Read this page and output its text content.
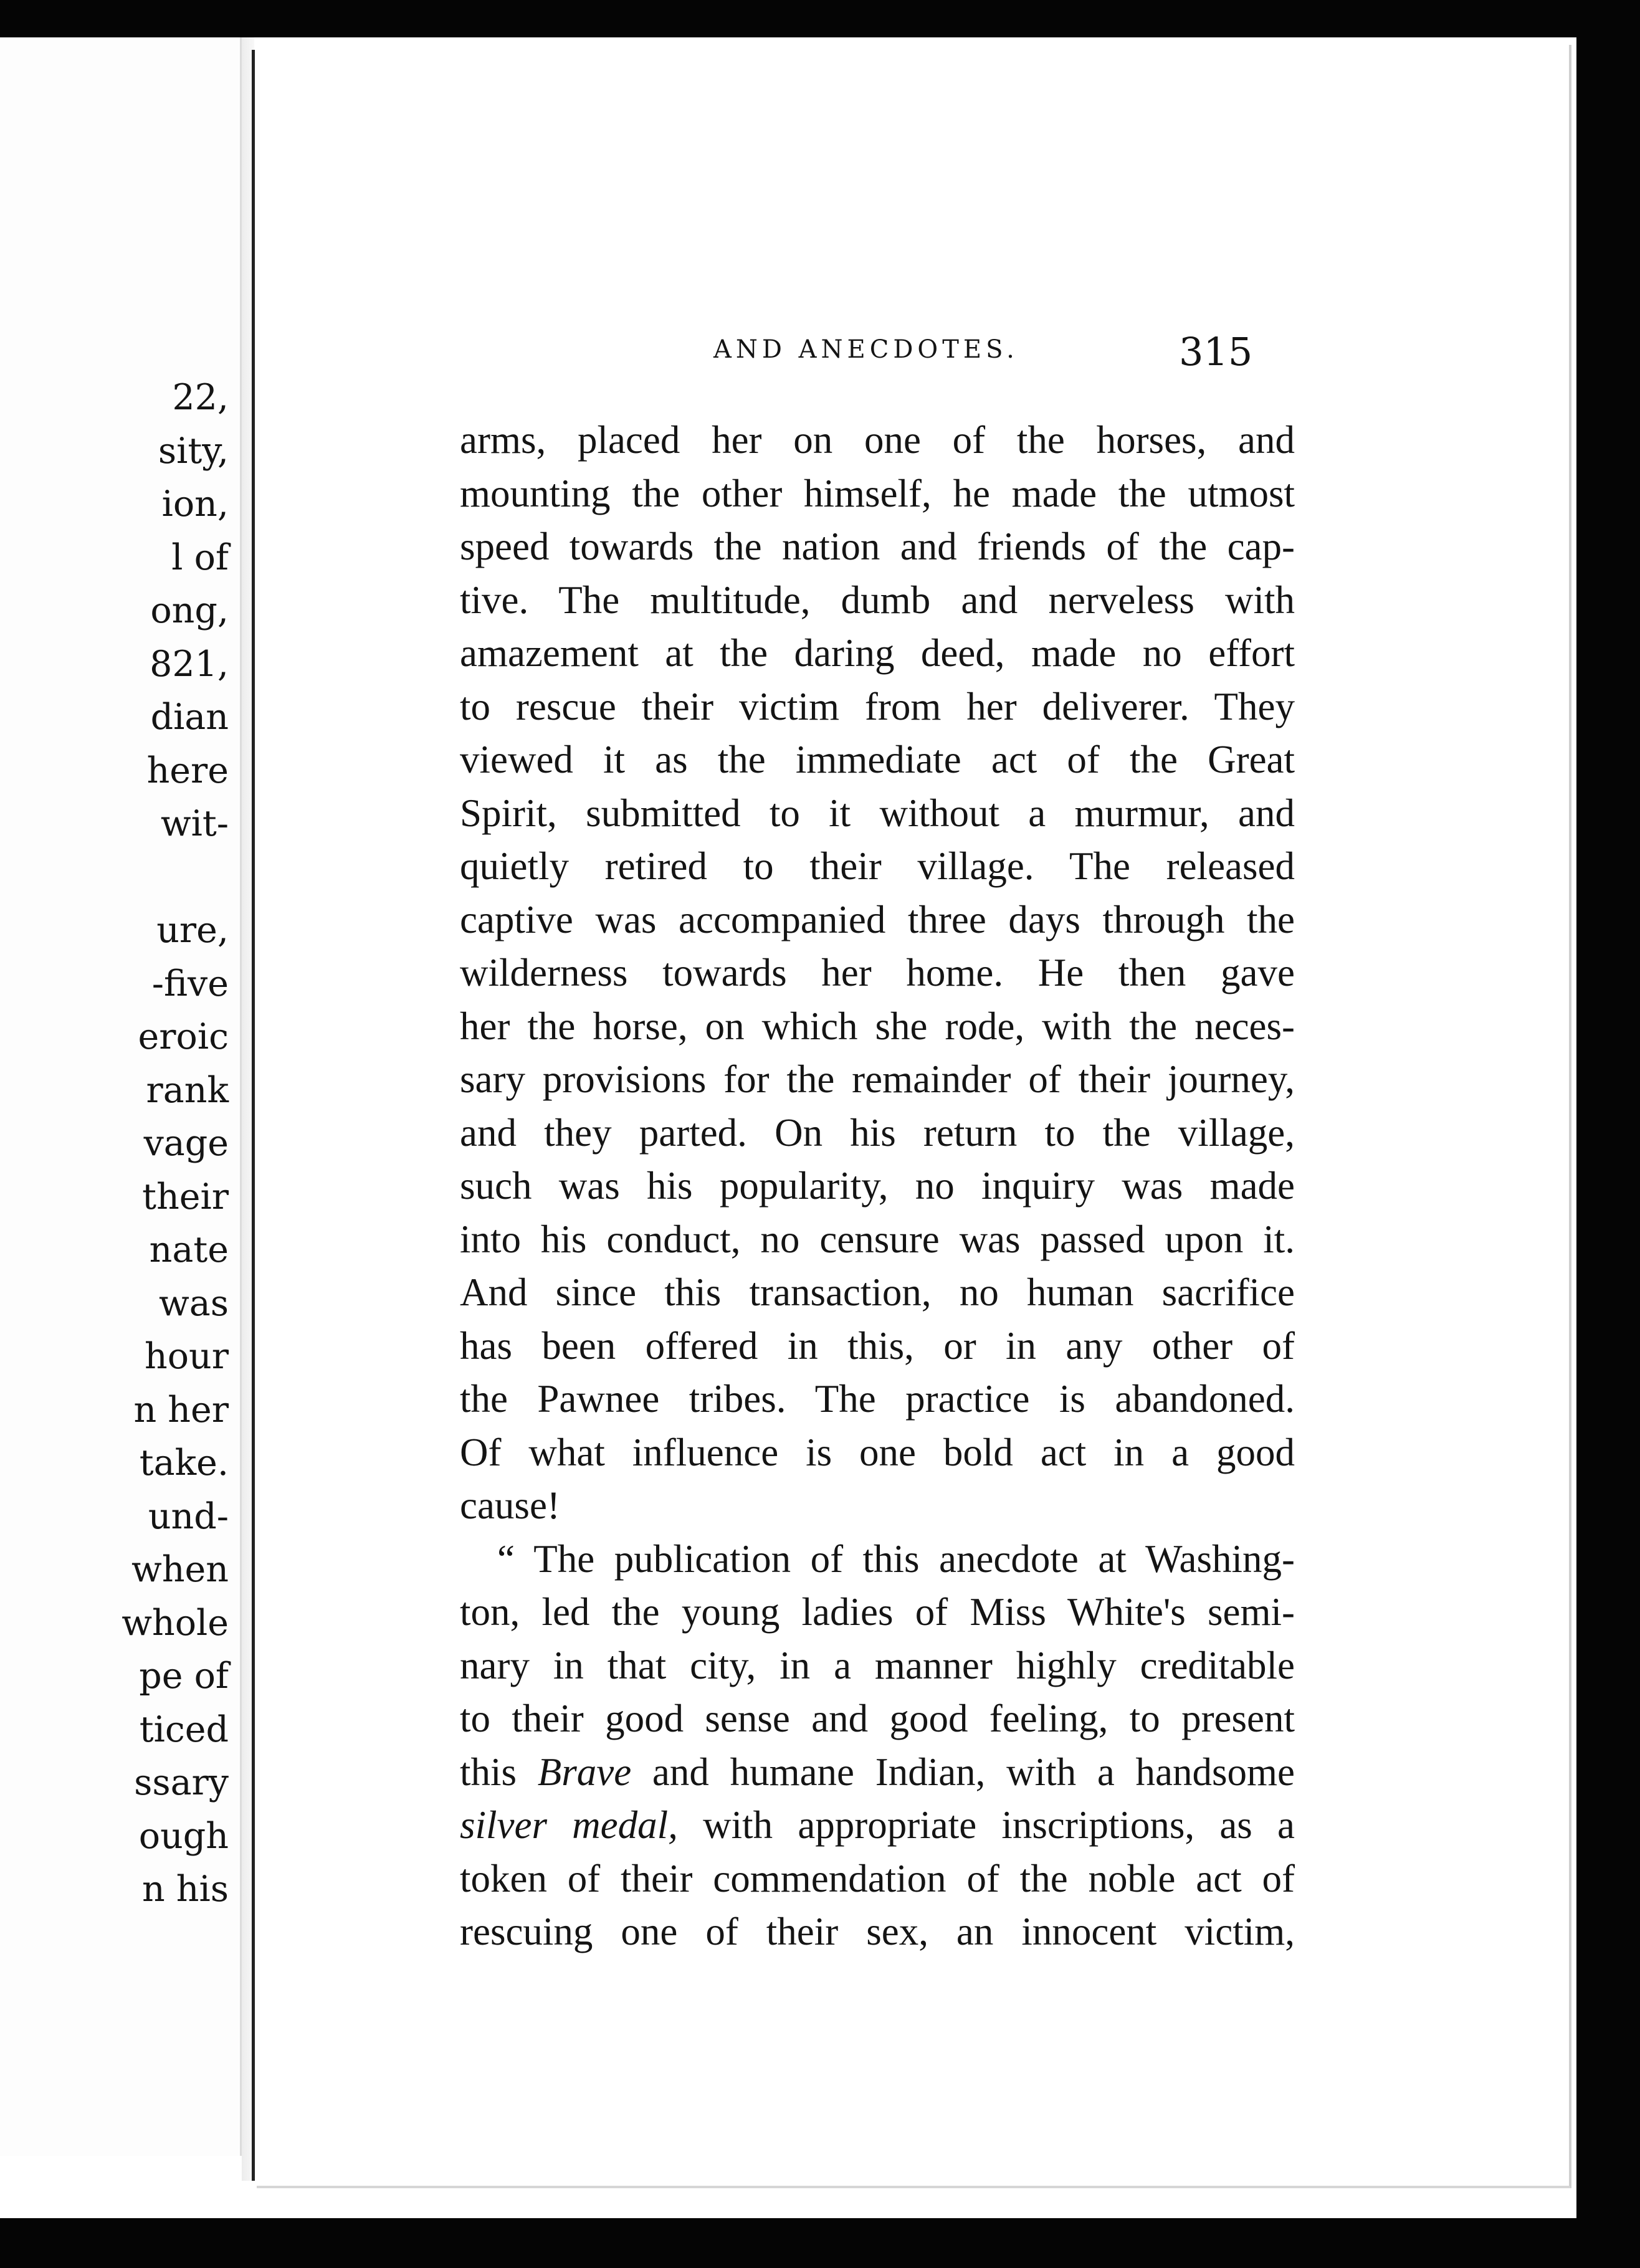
22,
sity,
ion,
l of
ong,
821,
dian
here
wit-
ure,
-five
eroic
rank
vage
their
nate
was
hour
n her
take.
und-
when
whole
pe of
ticed
ssary
ough
n his
AND ANECDOTES.	315
arms, placed her on one of the horses, and
mounting the other himself, he made the utmost
speed towards the nation and friends of the cap-
tive. The multitude, dumb and nerveless with
amazement at the daring deed, made no effort
to rescue their victim from her deliverer. They
viewed it as the immediate act of the Great
Spirit, submitted to it without a murmur, and
quietly retired to their village. The released
captive was accompanied three days through the
wilderness towards her home. He then gave
her the horse, on which she rode, with the neces-
sary provisions for the remainder of their journey,
and they parted. On his return to the village,
such was his popularity, no inquiry was made
into his conduct, no censure was passed upon it.
And since this transaction, no human sacrifice
has been offered in this, or in any other of
the Pawnee tribes. The practice is abandoned.
Of what influence is one bold act in a good
cause!
“ The publication of this anecdote at Washing-
ton, led the young ladies of Miss White's semi-
nary in that city, in a manner highly creditable
to their good sense and good feeling, to present
this Brave and humane Indian, with a handsome
silver medal, with appropriate inscriptions, as a
token of their commendation of the noble act of
rescuing one of their sex, an innocent victim,
